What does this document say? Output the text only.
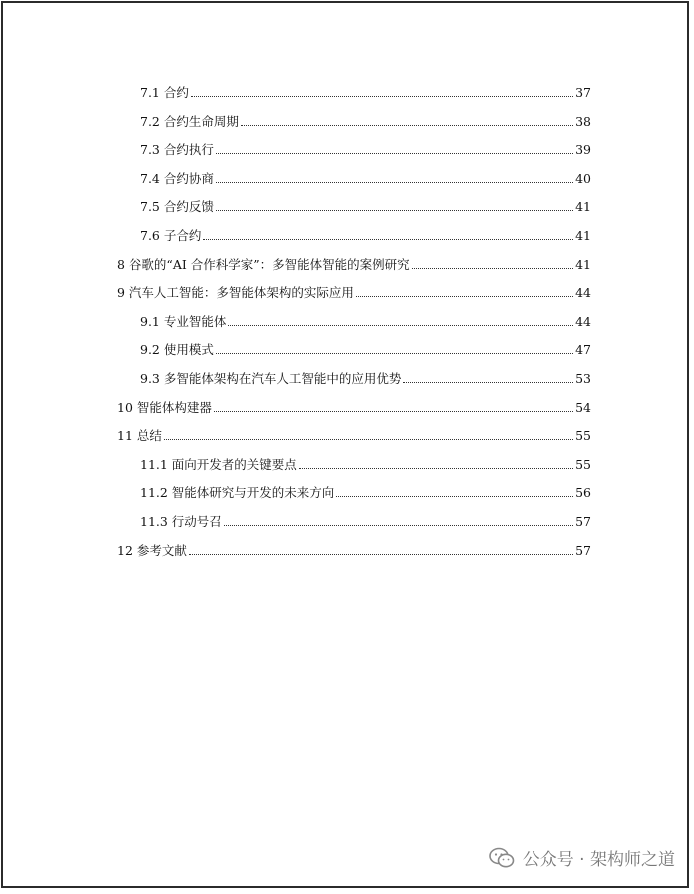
7.1 合约	37
7.2 合约生命周期	38
7.3 合约执行	39
7.4 合约协商	40
7.5 合约反馈	41
7.6 子合约	41
8 谷歌的“AI 合作科学家”：多智能体智能的案例研究	41
9 汽车人工智能：多智能体架构的实际应用	44
9.1 专业智能体	44
9.2 使用模式	47
9.3 多智能体架构在汽车人工智能中的应用优势	53
10 智能体构建器	54
11 总结	55
11.1 面向开发者的关键要点	55
11.2 智能体研究与开发的未来方向	56
11.3 行动号召	57
12 参考文献	57
公众号 · 架构师之道
